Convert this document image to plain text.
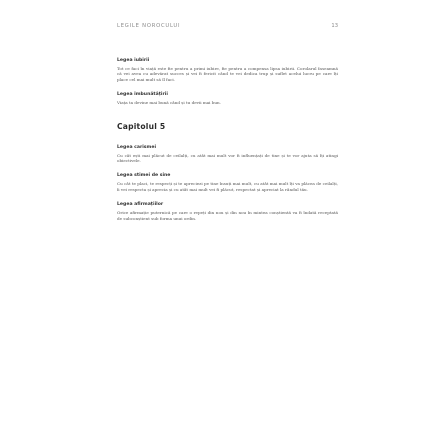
LEGILE NOROCULUI	13
Legea iubirii

Tot ce faci în viață este fie pentru a primi iubire, fie pentru a compensa lipsa iubirii. Corolarul înseamnă că vei avea cu adevărat succes și vei fi fericit când te vei dedica trup și suflet acelui lucru pe care îți place cel mai mult să îl faci.

Legea îmbunătățirii

Viața ta devine mai bună când și tu devii mai bun.

Capitolul 5
Legea carismei

Cu cât ești mai plăcut de ceilalți, cu atât mai mult vor fi influențați de tine și te vor ajuta să îți atingi obiectivele.

Legea stimei de sine

Cu cât te placi, te respecți și te apreciezi pe tine însuți mai mult, cu atât mai mult îți va plăcea de ceilalți, îi vei respecta și aprecia și cu atât mai mult vei fi plăcut, respectat și apreciat la rândul tău.

Legea afirmațiilor

Orice afirmație puternică pe care o repeți din nou și din nou în mintea conștientă va fi îndată receptată de subconștient sub forma unui ordin.
